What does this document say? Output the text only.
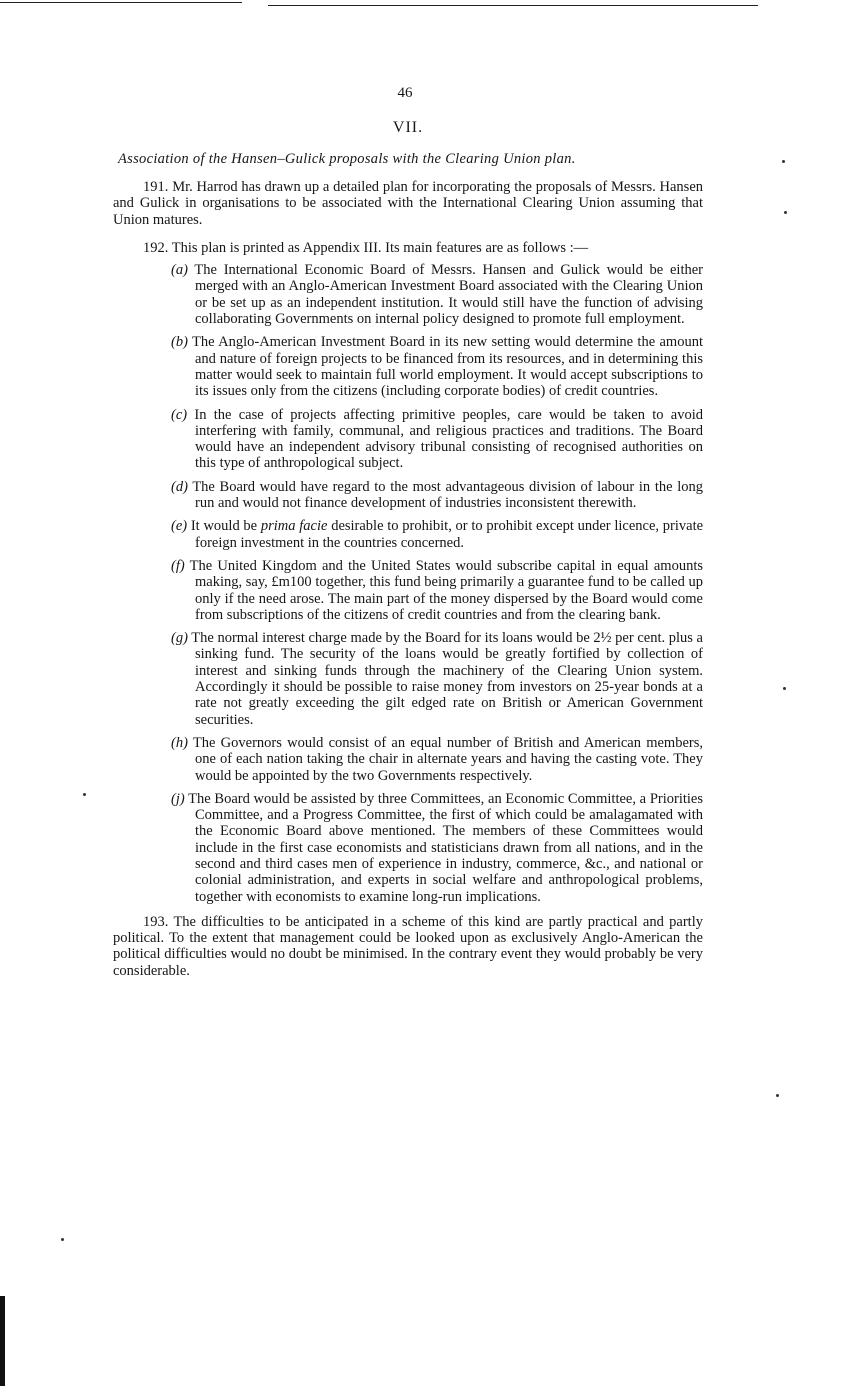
46
VII.
Association of the Hansen–Gulick proposals with the Clearing Union plan.

191. Mr. Harrod has drawn up a detailed plan for incorporating the proposals of Messrs. Hansen and Gulick in organisations to be associated with the International Clearing Union assuming that Union matures.

192. This plan is printed as Appendix III. Its main features are as follows :—

(a) The International Economic Board of Messrs. Hansen and Gulick would be either merged with an Anglo-American Investment Board associated with the Clearing Union or be set up as an independent institution. It would still have the function of advising collaborating Governments on internal policy designed to promote full employment.

(b) The Anglo-American Investment Board in its new setting would determine the amount and nature of foreign projects to be financed from its resources, and in determining this matter would seek to maintain full world employment. It would accept subscriptions to its issues only from the citizens (including corporate bodies) of credit countries.

(c) In the case of projects affecting primitive peoples, care would be taken to avoid interfering with family, communal, and religious practices and traditions. The Board would have an independent advisory tribunal consisting of recognised authorities on this type of anthropological subject.

(d) The Board would have regard to the most advantageous division of labour in the long run and would not finance development of industries inconsistent therewith.

(e) It would be prima facie desirable to prohibit, or to prohibit except under licence, private foreign investment in the countries concerned.

(f) The United Kingdom and the United States would subscribe capital in equal amounts making, say, £m100 together, this fund being primarily a guarantee fund to be called up only if the need arose. The main part of the money dispersed by the Board would come from subscriptions of the citizens of credit countries and from the clearing bank.

(g) The normal interest charge made by the Board for its loans would be 2½ per cent. plus a sinking fund. The security of the loans would be greatly fortified by collection of interest and sinking funds through the machinery of the Clearing Union system. Accordingly it should be possible to raise money from investors on 25-year bonds at a rate not greatly exceeding the gilt edged rate on British or American Government securities.

(h) The Governors would consist of an equal number of British and American members, one of each nation taking the chair in alternate years and having the casting vote. They would be appointed by the two Governments respectively.

(j) The Board would be assisted by three Committees, an Economic Committee, a Priorities Committee, and a Progress Committee, the first of which could be amalagamated with the Economic Board above mentioned. The members of these Committees would include in the first case economists and statisticians drawn from all nations, and in the second and third cases men of experience in industry, commerce, &c., and national or colonial administration, and experts in social welfare and anthropological problems, together with economists to examine long-run implications.

193. The difficulties to be anticipated in a scheme of this kind are partly practical and partly political. To the extent that management could be looked upon as exclusively Anglo-American the political difficulties would no doubt be minimised. In the contrary event they would probably be very considerable.
